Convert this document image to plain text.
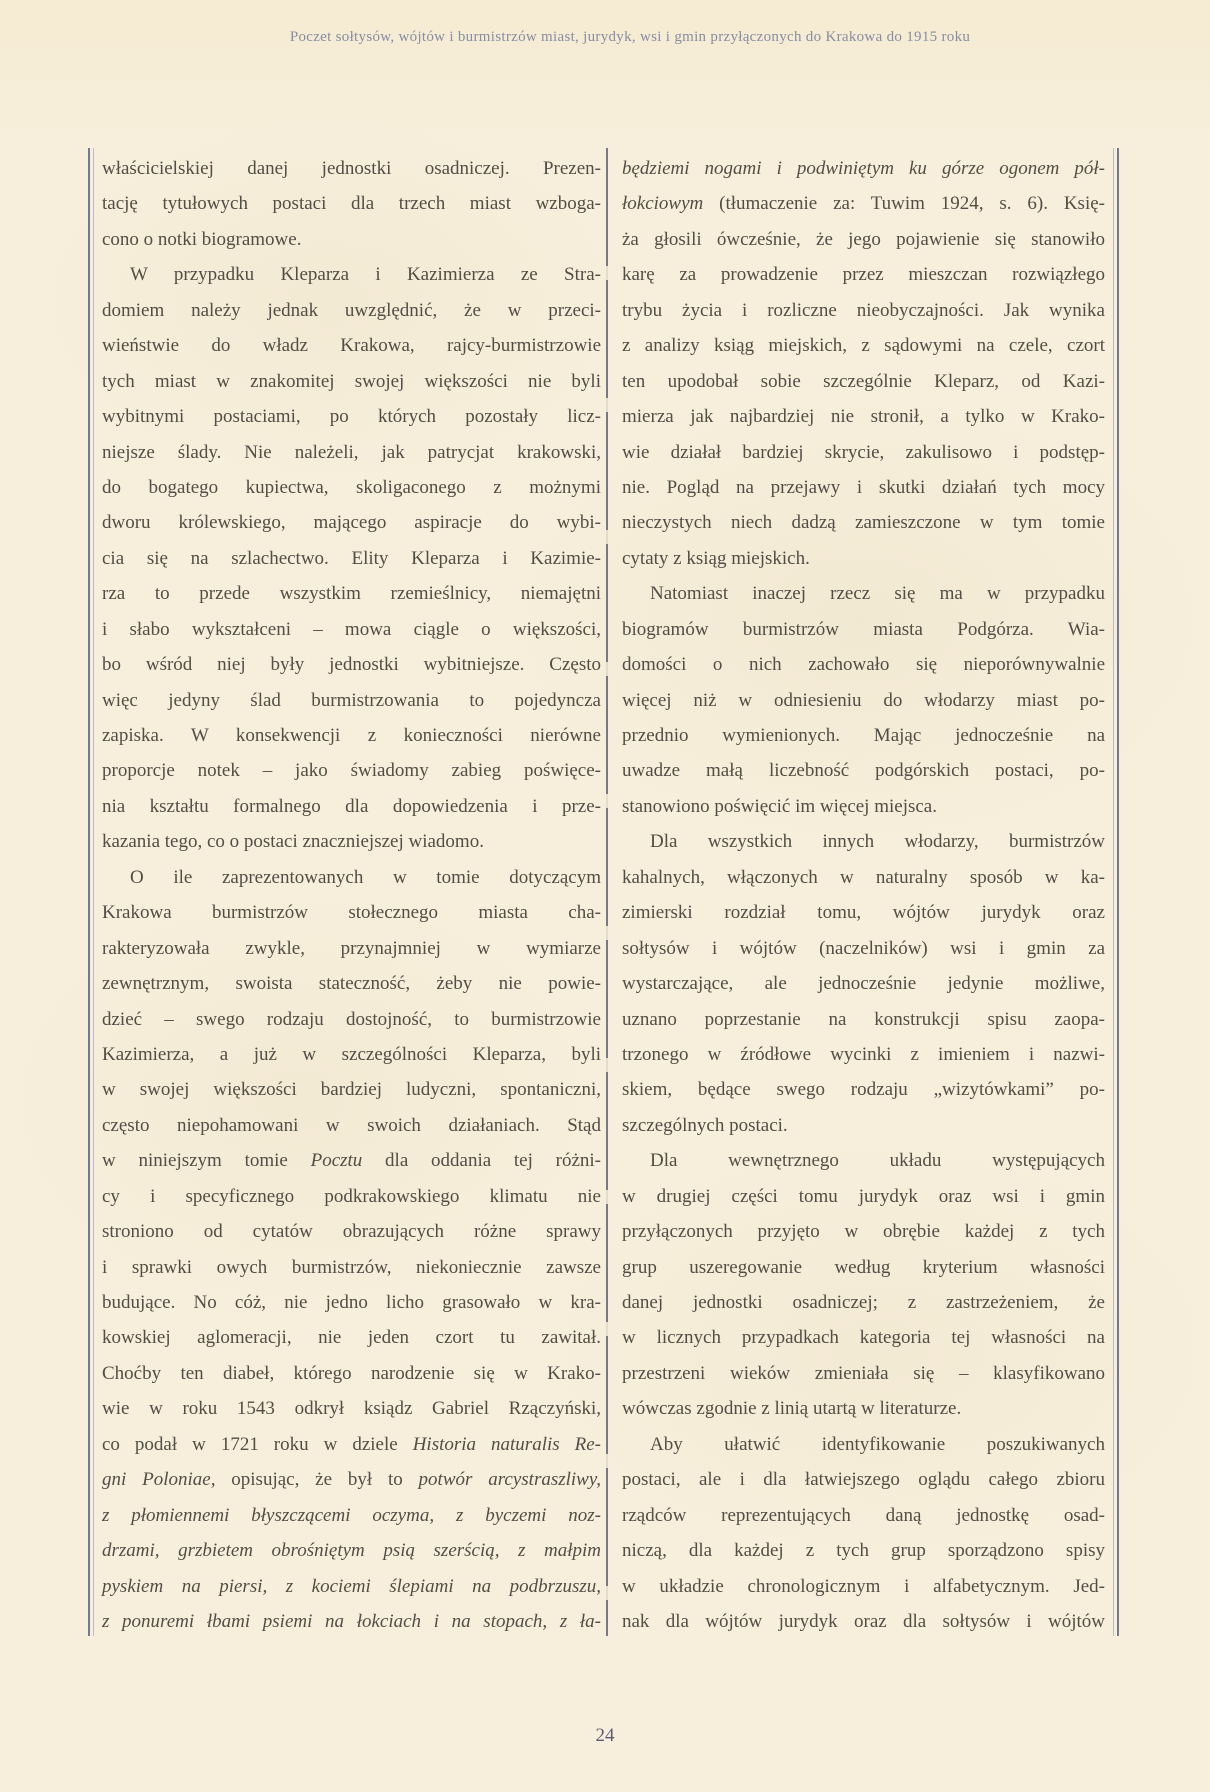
Poczet sołtysów, wójtów i burmistrzów miast, jurydyk, wsi i gmin przyłączonych do Krakowa do 1915 roku
właścicielskiej danej jednostki osadniczej. Prezen-
tację tytułowych postaci dla trzech miast wzboga-
cono o notki biogramowe.
W przypadku Kleparza i Kazimierza ze Stra-
domiem należy jednak uwzględnić, że w przeci-
wieństwie do władz Krakowa, rajcy-burmistrzowie
tych miast w znakomitej swojej większości nie byli
wybitnymi postaciami, po których pozostały licz-
niejsze ślady. Nie należeli, jak patrycjat krakowski,
do bogatego kupiectwa, skoligaconego z możnymi
dworu królewskiego, mającego aspiracje do wybi-
cia się na szlachectwo. Elity Kleparza i Kazimie-
rza to przede wszystkim rzemieślnicy, niemajętni
i słabo wykształceni – mowa ciągle o większości,
bo wśród niej były jednostki wybitniejsze. Często
więc jedyny ślad burmistrzowania to pojedyncza
zapiska. W konsekwencji z konieczności nierówne
proporcje notek – jako świadomy zabieg poświęce-
nia kształtu formalnego dla dopowiedzenia i prze-
kazania tego, co o postaci znaczniejszej wiadomo.
O ile zaprezentowanych w tomie dotyczącym
Krakowa burmistrzów stołecznego miasta cha-
rakteryzowała zwykle, przynajmniej w wymiarze
zewnętrznym, swoista stateczność, żeby nie powie-
dzieć – swego rodzaju dostojność, to burmistrzowie
Kazimierza, a już w szczególności Kleparza, byli
w swojej większości bardziej ludyczni, spontaniczni,
często niepohamowani w swoich działaniach. Stąd
w niniejszym tomie Pocztu dla oddania tej różni-
cy i specyficznego podkrakowskiego klimatu nie
stroniono od cytatów obrazujących różne sprawy
i sprawki owych burmistrzów, niekoniecznie zawsze
budujące. No cóż, nie jedno licho grasowało w kra-
kowskiej aglomeracji, nie jeden czort tu zawitał.
Choćby ten diabeł, którego narodzenie się w Krako-
wie w roku 1543 odkrył ksiądz Gabriel Rzączyński,
co podał w 1721 roku w dziele Historia naturalis Re-
gni Poloniae, opisując, że był to potwór arcystraszliwy,
z płomiennemi błyszczącemi oczyma, z byczemi noz-
drzami, grzbietem obrośniętym psią szerścią, z małpim
pyskiem na piersi, z kociemi ślepiami na podbrzuszu,
z ponuremi łbami psiemi na łokciach i na stopach, z ła-
będziemi nogami i podwiniętym ku górze ogonem pół-
łokciowym (tłumaczenie za: Tuwim 1924, s. 6). Księ-
ża głosili ówcześnie, że jego pojawienie się stanowiło
karę za prowadzenie przez mieszczan rozwiązłego
trybu życia i rozliczne nieobyczajności. Jak wynika
z analizy ksiąg miejskich, z sądowymi na czele, czort
ten upodobał sobie szczególnie Kleparz, od Kazi-
mierza jak najbardziej nie stronił, a tylko w Krako-
wie działał bardziej skrycie, zakulisowo i podstęp-
nie. Pogląd na przejawy i skutki działań tych mocy
nieczystych niech dadzą zamieszczone w tym tomie
cytaty z ksiąg miejskich.
Natomiast inaczej rzecz się ma w przypadku
biogramów burmistrzów miasta Podgórza. Wia-
domości o nich zachowało się nieporównywalnie
więcej niż w odniesieniu do włodarzy miast po-
przednio wymienionych. Mając jednocześnie na
uwadze małą liczebność podgórskich postaci, po-
stanowiono poświęcić im więcej miejsca.
Dla wszystkich innych włodarzy, burmistrzów
kahalnych, włączonych w naturalny sposób w ka-
zimierski rozdział tomu, wójtów jurydyk oraz
sołtysów i wójtów (naczelników) wsi i gmin za
wystarczające, ale jednocześnie jedynie możliwe,
uznano poprzestanie na konstrukcji spisu zaopa-
trzonego w źródłowe wycinki z imieniem i nazwi-
skiem, będące swego rodzaju „wizytówkami” po-
szczególnych postaci.
Dla wewnętrznego układu występujących
w drugiej części tomu jurydyk oraz wsi i gmin
przyłączonych przyjęto w obrębie każdej z tych
grup uszeregowanie według kryterium własności
danej jednostki osadniczej; z zastrzeżeniem, że
w licznych przypadkach kategoria tej własności na
przestrzeni wieków zmieniała się – klasyfikowano
wówczas zgodnie z linią utartą w literaturze.
Aby ułatwić identyfikowanie poszukiwanych
postaci, ale i dla łatwiejszego oglądu całego zbioru
rządców reprezentujących daną jednostkę osad-
niczą, dla każdej z tych grup sporządzono spisy
w układzie chronologicznym i alfabetycznym. Jed-
nak dla wójtów jurydyk oraz dla sołtysów i wójtów
24
